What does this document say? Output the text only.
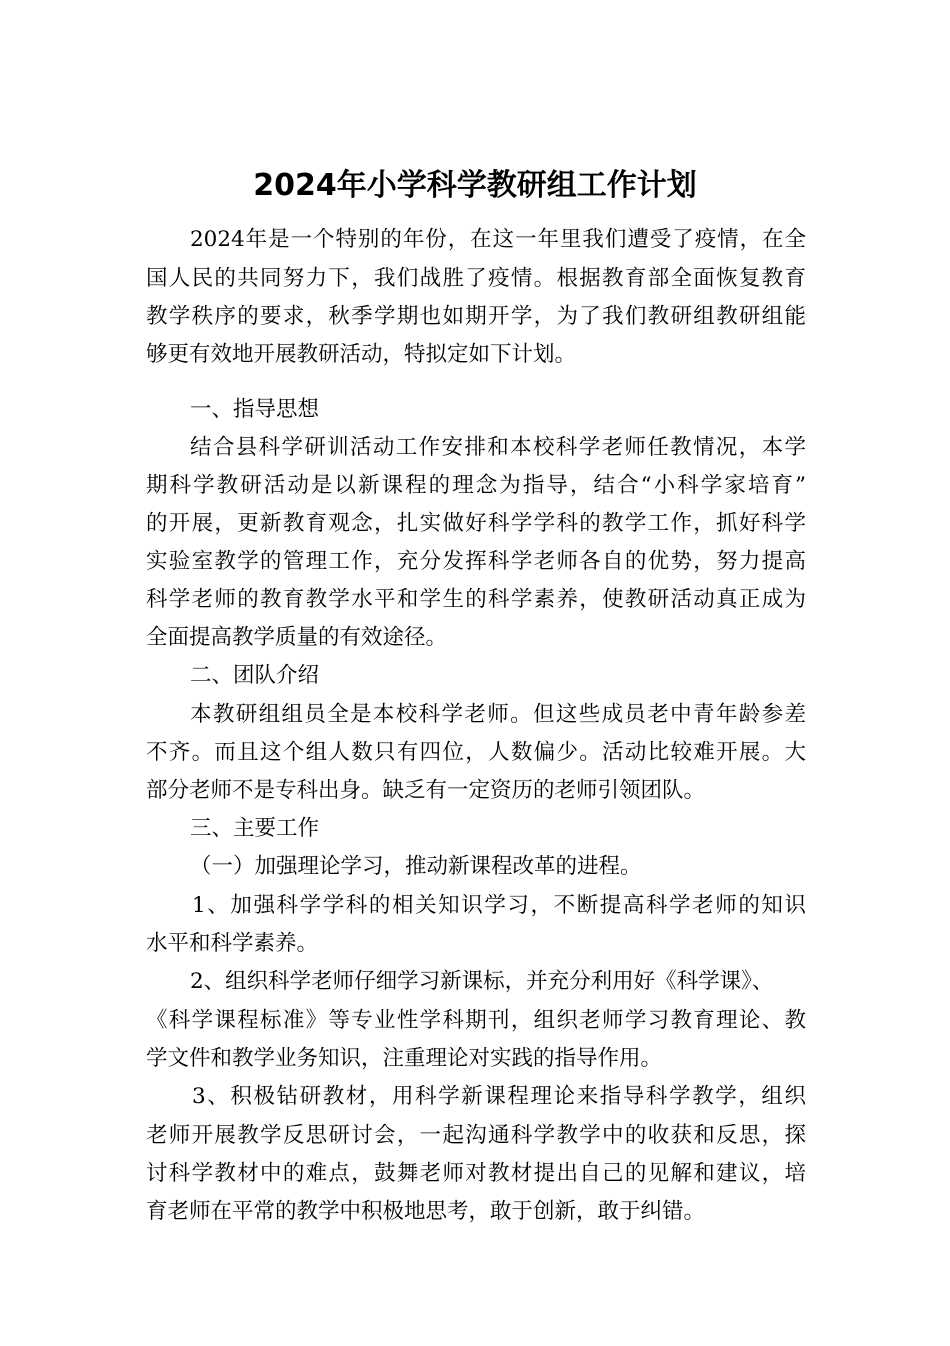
2024年小学科学教研组工作计划

2024年是一个特别的年份，在这一年里我们遭受了疫情，在全

国人民的共同努力下，我们战胜了疫情。根据教育部全面恢复教育

教学秩序的要求，秋季学期也如期开学，为了我们教研组教研组能

够更有效地开展教研活动，特拟定如下计划。

一、指导思想

结合县科学研训活动工作安排和本校科学老师任教情况，本学

期科学教研活动是以新课程的理念为指导，结合“小科学家培育”

的开展，更新教育观念，扎实做好科学学科的教学工作，抓好科学

实验室教学的管理工作，充分发挥科学老师各自的优势，努力提高

科学老师的教育教学水平和学生的科学素养，使教研活动真正成为

全面提高教学质量的有效途径。

二、团队介绍

本教研组组员全是本校科学老师。但这些成员老中青年龄参差

不齐。而且这个组人数只有四位，人数偏少。活动比较难开展。大

部分老师不是专科出身。缺乏有一定资历的老师引领团队。

三、主要工作

（一）加强理论学习，推动新课程改革的进程。

1、加强科学学科的相关知识学习，不断提高科学老师的知识

水平和科学素养。

2、组织科学老师仔细学习新课标，并充分利用好《科学课》、

《科学课程标准》等专业性学科期刊，组织老师学习教育理论、教

学文件和教学业务知识，注重理论对实践的指导作用。

3、积极钻研教材，用科学新课程理论来指导科学教学，组织

老师开展教学反思研讨会，一起沟通科学教学中的收获和反思，探

讨科学教材中的难点，鼓舞老师对教材提出自己的见解和建议，培

育老师在平常的教学中积极地思考，敢于创新，敢于纠错。
